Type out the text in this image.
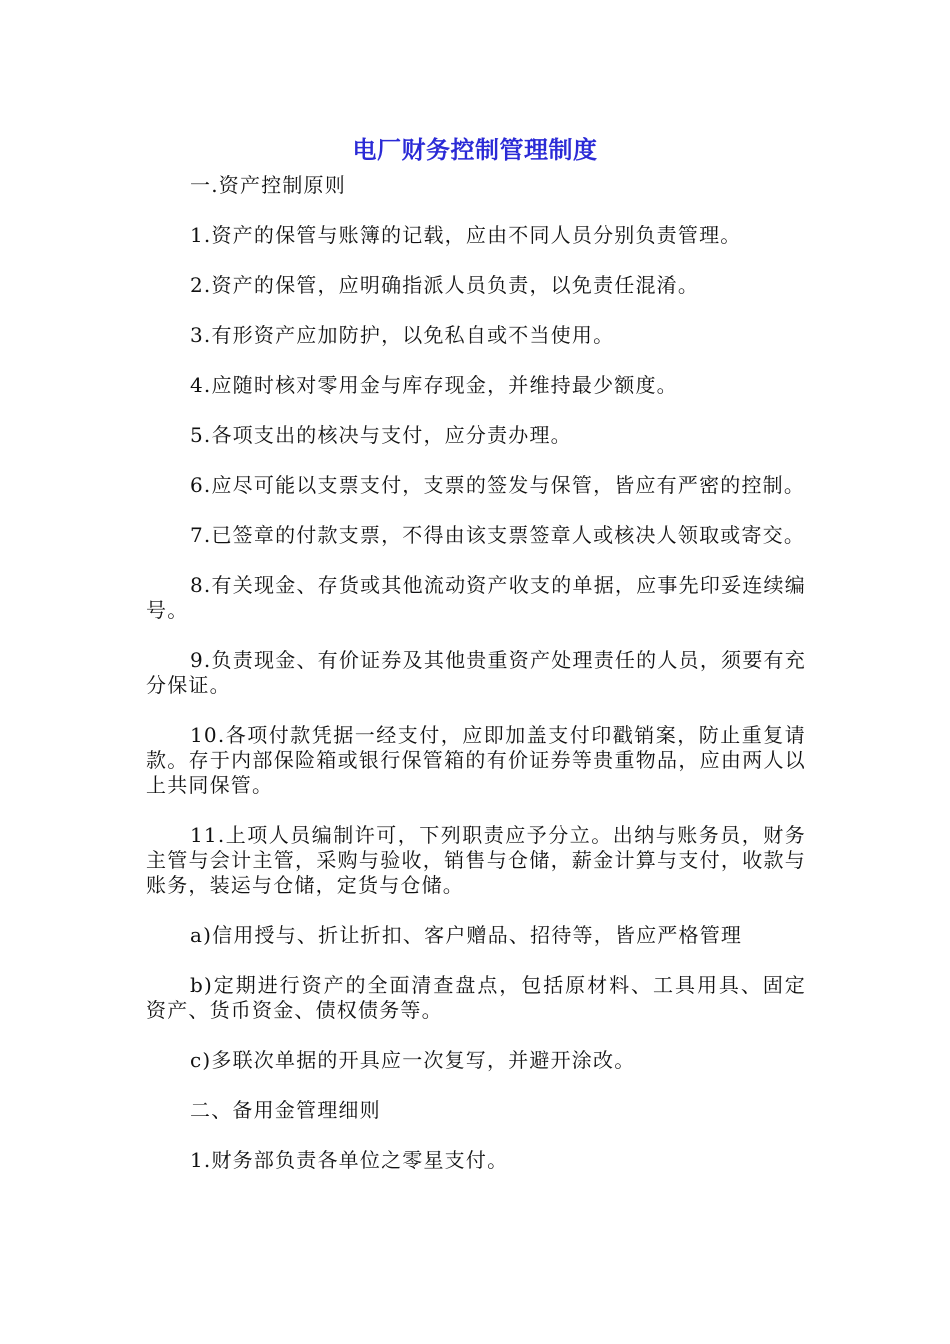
电厂财务控制管理制度

一.资产控制原则

1.资产的保管与账簿的记载，应由不同人员分别负责管理。

2.资产的保管，应明确指派人员负责，以免责任混淆。

3.有形资产应加防护，以免私自或不当使用。

4.应随时核对零用金与库存现金，并维持最少额度。

5.各项支出的核决与支付，应分责办理。

6.应尽可能以支票支付，支票的签发与保管，皆应有严密的控制。

7.已签章的付款支票，不得由该支票签章人或核决人领取或寄交。

8.有关现金、存货或其他流动资产收支的单据，应事先印妥连续编号。

9.负责现金、有价证券及其他贵重资产处理责任的人员，须要有充分保证。

10.各项付款凭据一经支付，应即加盖支付印戳销案，防止重复请款。存于内部保险箱或银行保管箱的有价证券等贵重物品，应由两人以上共同保管。

11.上项人员编制许可，下列职责应予分立。出纳与账务员，财务主管与会计主管，采购与验收，销售与仓储，薪金计算与支付，收款与账务，装运与仓储，定货与仓储。

a)信用授与、折让折扣、客户赠品、招待等，皆应严格管理

b)定期进行资产的全面清查盘点，包括原材料、工具用具、固定资产、货币资金、债权债务等。

c)多联次单据的开具应一次复写，并避开涂改。

二、备用金管理细则

1.财务部负责各单位之零星支付。
